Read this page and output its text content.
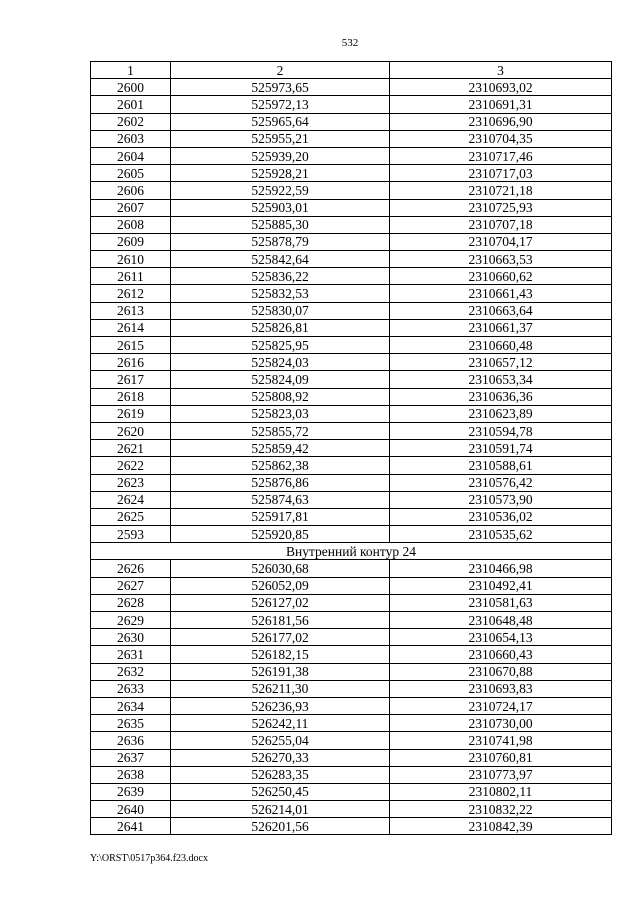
532
1	2	3
2600	525973,65	2310693,02
2601	525972,13	2310691,31
2602	525965,64	2310696,90
2603	525955,21	2310704,35
2604	525939,20	2310717,46
2605	525928,21	2310717,03
2606	525922,59	2310721,18
2607	525903,01	2310725,93
2608	525885,30	2310707,18
2609	525878,79	2310704,17
2610	525842,64	2310663,53
2611	525836,22	2310660,62
2612	525832,53	2310661,43
2613	525830,07	2310663,64
2614	525826,81	2310661,37
2615	525825,95	2310660,48
2616	525824,03	2310657,12
2617	525824,09	2310653,34
2618	525808,92	2310636,36
2619	525823,03	2310623,89
2620	525855,72	2310594,78
2621	525859,42	2310591,74
2622	525862,38	2310588,61
2623	525876,86	2310576,42
2624	525874,63	2310573,90
2625	525917,81	2310536,02
2593	525920,85	2310535,62
Внутренний контур 24		
2626	526030,68	2310466,98
2627	526052,09	2310492,41
2628	526127,02	2310581,63
2629	526181,56	2310648,48
2630	526177,02	2310654,13
2631	526182,15	2310660,43
2632	526191,38	2310670,88
2633	526211,30	2310693,83
2634	526236,93	2310724,17
2635	526242,11	2310730,00
2636	526255,04	2310741,98
2637	526270,33	2310760,81
2638	526283,35	2310773,97
2639	526250,45	2310802,11
2640	526214,01	2310832,22
2641	526201,56	2310842,39
Y:\ORST\0517p364.f23.docx
